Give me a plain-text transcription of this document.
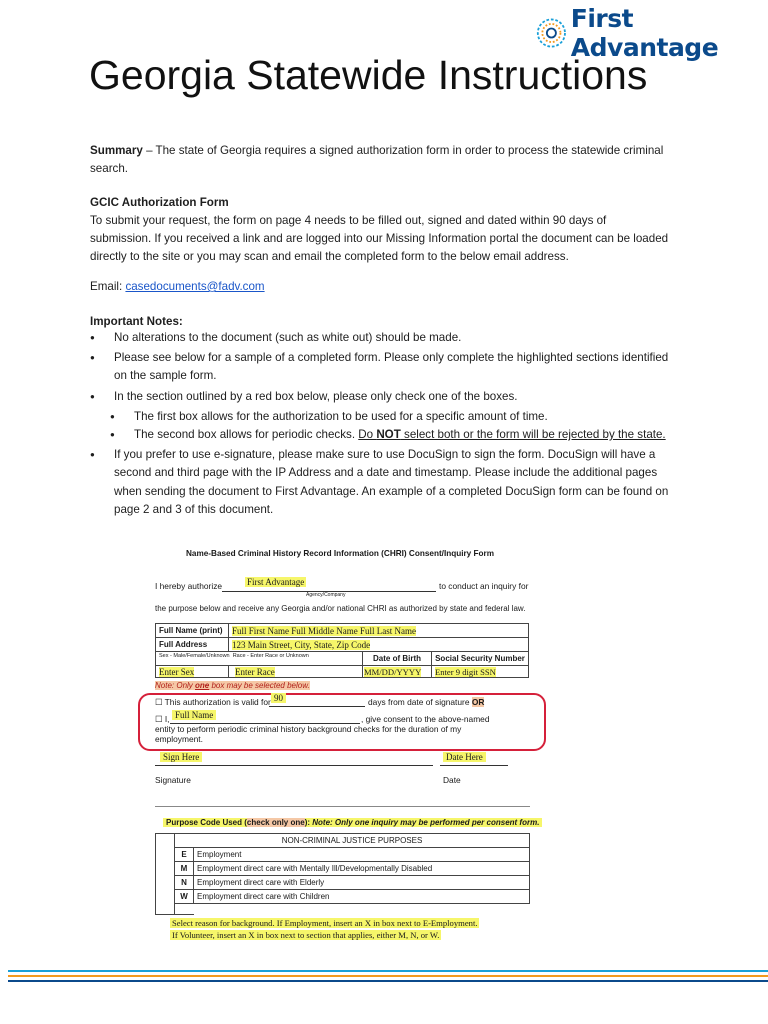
First Advantage
Georgia Statewide Instructions
Summary – The state of Georgia requires a signed authorization form in order to process the statewide criminal search.
GCIC Authorization Form
To submit your request, the form on page 4 needs to be filled out, signed and dated within 90 days of submission. If you received a link and are logged into our Missing Information portal the document can be loaded directly to the site or you may scan and email the completed form to the below email address.
Email: casedocuments@fadv.com
Important Notes:
● No alterations to the document (such as white out) should be made.
● Please see below for a sample of a completed form. Please only complete the highlighted sections identified on the sample form.
● In the section outlined by a red box below, please only check one of the boxes.
● The first box allows for the authorization to be used for a specific amount of time.
● The second box allows for periodic checks. Do NOT select both or the form will be rejected by the state.
● If you prefer to use e-signature, please make sure to use DocuSign to sign the form. DocuSign will have a second and third page with the IP Address and a date and timestamp. Please include the additional pages when sending the document to First Advantage. An example of a completed DocuSign form can be found on page 2 and 3 of this document.
Name-Based Criminal History Record Information (CHRI) Consent/Inquiry Form
I hereby authorize	First Advantage	to conduct an inquiry for
Agency/Company
the purpose below and receive any Georgia and/or national CHRI as authorized by state and federal law.
Full Name (print)	Full First Name Full Middle Name Full Last Name		
Full Address	123 Main Street, City, State, Zip Code		
Sex - Male/Female/Unknown Race - Enter Race or Unknown		Date of Birth	Social Security Number
Enter Sex	Enter Race	MM/DD/YYYY	Enter 9 digit SSN
Note: Only one box may be selected below.
☐ This authorization is valid for 90	days from date of signature OR
☐ I, Full Name	, give consent to the above-named
entity to perform periodic criminal history background checks for the duration of my
employment.
Sign Here	Date Here
Signature	Date
Purpose Code Used (check only one): Note: Only one inquiry may be performed per consent form.
	NON-CRIMINAL JUSTICE PURPOSES	
	E	Employment
	M	Employment direct care with Mentally Ill/Developmentally Disabled
	N	Employment direct care with Elderly
	W	Employment direct care with Children

Select reason for background. If Employment, insert an X in box next to E-Employment.
If Volunteer, insert an X in box next to section that applies, either M, N, or W.
